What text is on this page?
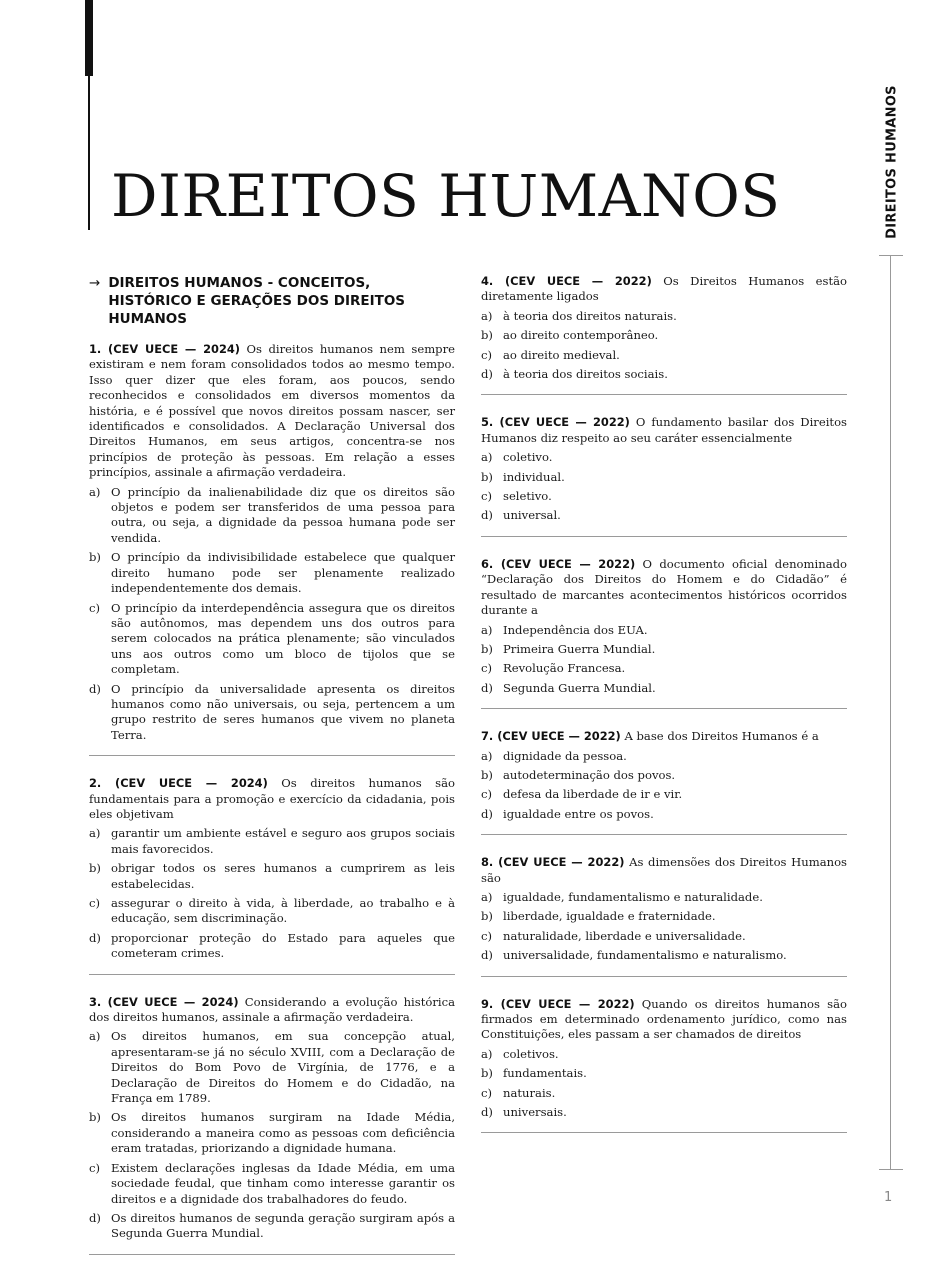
DIREITOS HUMANOS	DIREITOS HUMANOS
1
→ DIREITOS HUMANOS - CONCEITOS, HISTÓRICO E GERAÇÕES DOS DIREITOS HUMANOS

1. (CEV UECE — 2024) Os direitos humanos nem sempre existiram e nem foram consolidados todos ao mesmo tempo. Isso quer dizer que eles foram, aos poucos, sendo reconhecidos e consolidados em diversos momentos da história, e é possível que novos direitos possam nascer, ser identificados e consolidados. A Declaração Universal dos Direitos Humanos, em seus artigos, concentra-se nos princípios de proteção às pessoas. Em relação a esses princípios, assinale a afirmação verdadeira.

a) O princípio da inalienabilidade diz que os direitos são objetos e podem ser transferidos de uma pessoa para outra, ou seja, a dignidade da pessoa humana pode ser vendida.
b) O princípio da indivisibilidade estabelece que qualquer direito humano pode ser plenamente realizado independentemente dos demais.
c) O princípio da interdependência assegura que os direitos são autônomos, mas dependem uns dos outros para serem colocados na prática plenamente; são vinculados uns aos outros como um bloco de tijolos que se completam.
d) O princípio da universalidade apresenta os direitos humanos como não universais, ou seja, pertencem a um grupo restrito de seres humanos que vivem no planeta Terra.

2. (CEV UECE — 2024) Os direitos humanos são fundamentais para a promoção e exercício da cidadania, pois eles objetivam

a) garantir um ambiente estável e seguro aos grupos sociais mais favorecidos.
b) obrigar todos os seres humanos a cumprirem as leis estabelecidas.
c) assegurar o direito à vida, à liberdade, ao trabalho e à educação, sem discriminação.
d) proporcionar proteção do Estado para aqueles que cometeram crimes.

3. (CEV UECE — 2024) Considerando a evolução histórica dos direitos humanos, assinale a afirmação verdadeira.

a) Os direitos humanos, em sua concepção atual, apresentaram-se já no século XVIII, com a Declaração de Direitos do Bom Povo de Virgínia, de 1776, e a Declaração de Direitos do Homem e do Cidadão, na França em 1789.
b) Os direitos humanos surgiram na Idade Média, considerando a maneira como as pessoas com deficiência eram tratadas, priorizando a dignidade humana.
c) Existem declarações inglesas da Idade Média, em uma sociedade feudal, que tinham como interesse garantir os direitos e a dignidade dos trabalhadores do feudo.
d) Os direitos humanos de segunda geração surgiram após a Segunda Guerra Mundial.

4. (CEV UECE — 2022) Os Direitos Humanos estão diretamente ligados

a) à teoria dos direitos naturais.
b) ao direito contemporâneo.
c) ao direito medieval.
d) à teoria dos direitos sociais.

5. (CEV UECE — 2022) O fundamento basilar dos Direitos Humanos diz respeito ao seu caráter essencialmente

a) coletivo.
b) individual.
c) seletivo.
d) universal.

6. (CEV UECE — 2022) O documento oficial denominado “Declaração dos Direitos do Homem e do Cidadão” é resultado de marcantes acontecimentos históricos ocorridos durante a

a) Independência dos EUA.
b) Primeira Guerra Mundial.
c) Revolução Francesa.
d) Segunda Guerra Mundial.

7. (CEV UECE — 2022) A base dos Direitos Humanos é a

a) dignidade da pessoa.
b) autodeterminação dos povos.
c) defesa da liberdade de ir e vir.
d) igualdade entre os povos.

8. (CEV UECE — 2022) As dimensões dos Direitos Humanos são

a) igualdade, fundamentalismo e naturalidade.
b) liberdade, igualdade e fraternidade.
c) naturalidade, liberdade e universalidade.
d) universalidade, fundamentalismo e naturalismo.

9. (CEV UECE — 2022) Quando os direitos humanos são firmados em determinado ordenamento jurídico, como nas Constituições, eles passam a ser chamados de direitos

a) coletivos.
b) fundamentais.
c) naturais.
d) universais.
